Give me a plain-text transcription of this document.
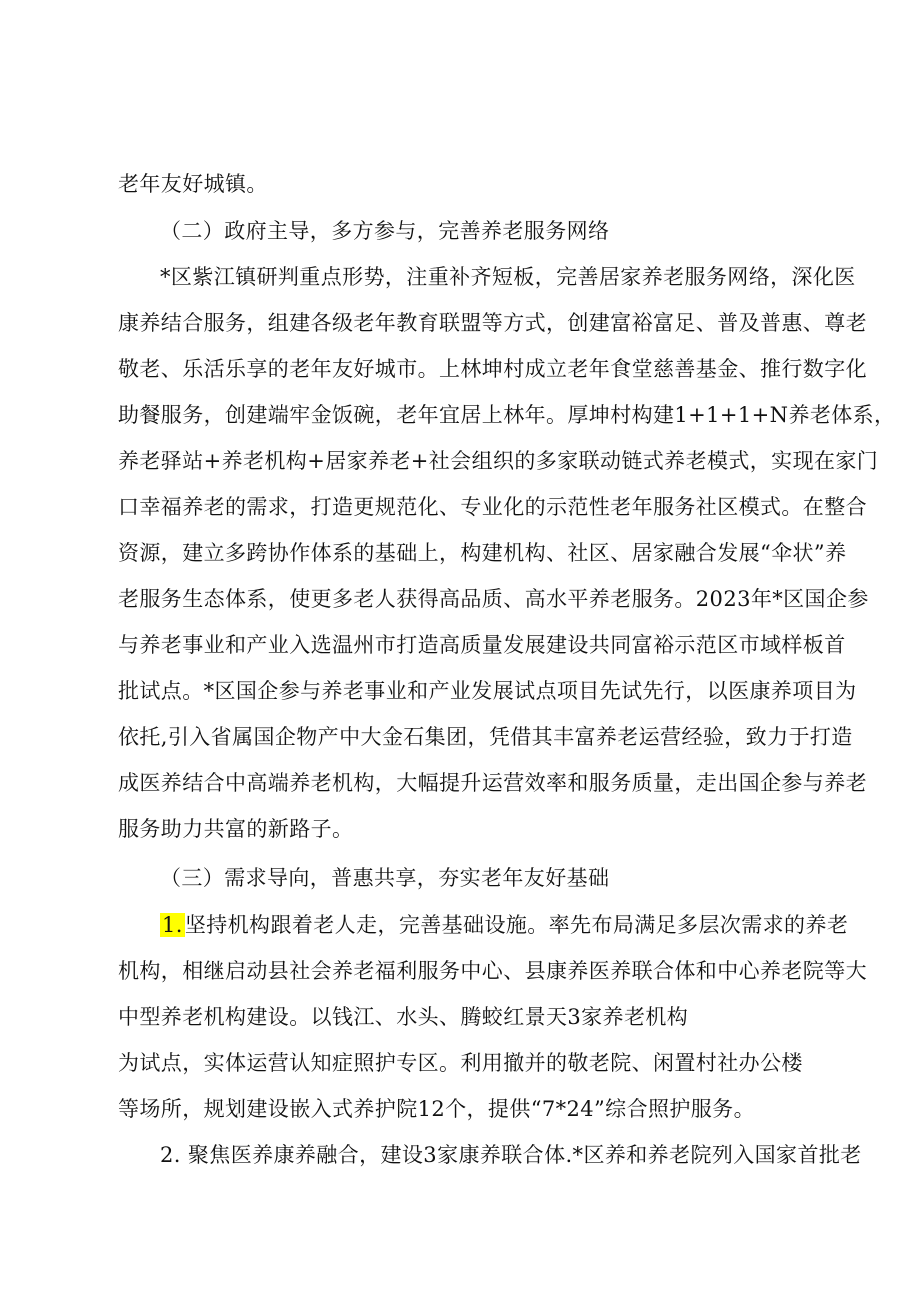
老年友好城镇。
（二）政府主导，多方参与，完善养老服务网络
*区紫江镇研判重点形势，注重补齐短板，完善居家养老服务网络，深化医
康养结合服务，组建各级老年教育联盟等方式，创建富裕富足、普及普惠、尊老
敬老、乐活乐享的老年友好城市。上林坤村成立老年食堂慈善基金、推行数字化
助餐服务，创建端牢金饭碗，老年宜居上林年。厚坤村构建1+1+1+N养老体系，
养老驿站+养老机构+居家养老+社会组织的多家联动链式养老模式，实现在家门
口幸福养老的需求，打造更规范化、专业化的示范性老年服务社区模式。在整合
资源，建立多跨协作体系的基础上，构建机构、社区、居家融合发展“伞状”养
老服务生态体系，使更多老人获得高品质、高水平养老服务。2023年*区国企参
与养老事业和产业入选温州市打造高质量发展建设共同富裕示范区市域样板首
批试点。*区国企参与养老事业和产业发展试点项目先试先行，以医康养项目为
依托,引入省属国企物产中大金石集团，凭借其丰富养老运营经验，致力于打造
成医养结合中高端养老机构，大幅提升运营效率和服务质量，走出国企参与养老
服务助力共富的新路子。
（三）需求导向，普惠共享，夯实老年友好基础
1.坚持机构跟着老人走，完善基础设施。率先布局满足多层次需求的养老
机构，相继启动县社会养老福利服务中心、县康养医养联合体和中心养老院等大
中型养老机构建设。以钱江、水头、腾蛟红景天3家养老机构
为试点，实体运营认知症照护专区。利用撤并的敬老院、闲置村社办公楼
等场所，规划建设嵌入式养护院12个，提供“7*24”综合照护服务。
2. 聚焦医养康养融合，建设3家康养联合体.*区养和养老院列入国家首批老
